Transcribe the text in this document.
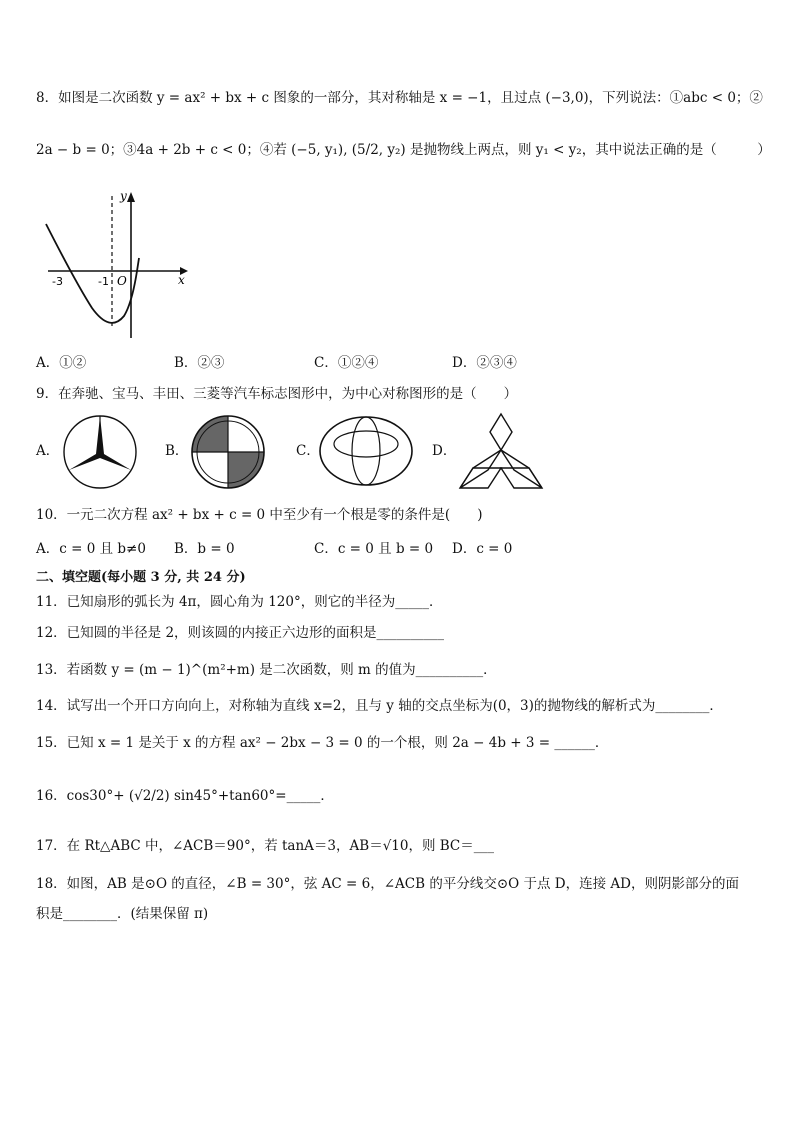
8．如图是二次函数 y = ax² + bx + c 图象的一部分，其对称轴是 x = −1，且过点 (−3,0)，下列说法：①abc < 0；②
2a − b = 0；③4a + 2b + c < 0；④若 (−5, y₁), (5/2, y₂) 是抛物线上两点，则 y₁ < y₂，其中说法正确的是（　　　）
y
x
O
-3	-1
A．①②	B．②③	C．①②④	D．②③④
9．在奔驰、宝马、丰田、三菱等汽车标志图形中，为中心对称图形的是（　　）
A．	B．	C．	D．
10．一元二次方程 ax² + bx + c = 0 中至少有一个根是零的条件是(　　)
A．c = 0 且 b≠0 B．b = 0	C．c = 0 且 b = 0 D．c = 0
二、填空题(每小题 3 分, 共 24 分)
11．已知扇形的弧长为 4π，圆心角为 120°，则它的半径为_____．
12．已知圆的半径是 2，则该圆的内接正六边形的面积是__________
13．若函数 y = (m − 1)^(m²+m) 是二次函数，则 m 的值为__________．
14．试写出一个开口方向向上，对称轴为直线 x=2，且与 y 轴的交点坐标为(0，3)的抛物线的解析式为________．
15．已知 x = 1 是关于 x 的方程 ax² − 2bx − 3 = 0 的一个根，则 2a − 4b + 3 = ______．
16．cos30°+ (√2/2) sin45°+tan60°=_____．
17．在 Rt△ABC 中，∠ACB＝90°，若 tanA＝3，AB＝√10，则 BC＝___
18．如图，AB 是⊙O 的直径，∠B = 30°，弦 AC = 6，∠ACB 的平分线交⊙O 于点 D，连接 AD，则阴影部分的面
积是________．(结果保留 π)
